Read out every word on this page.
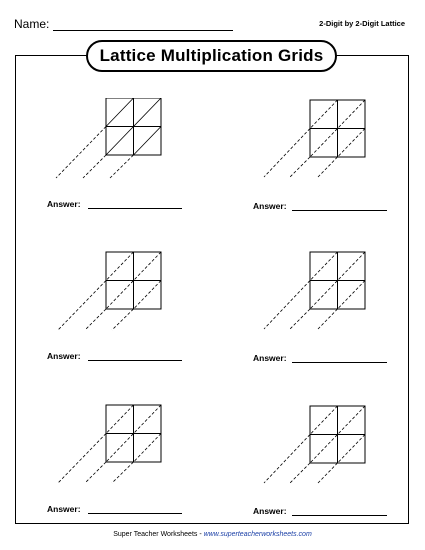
Name:	2-Digit by 2-Digit Lattice
Lattice Multiplication Grids
Answer:	Answer:
Answer:	Answer:
Answer:	Answer:
Super Teacher Worksheets - www.superteacherworksheets.com
